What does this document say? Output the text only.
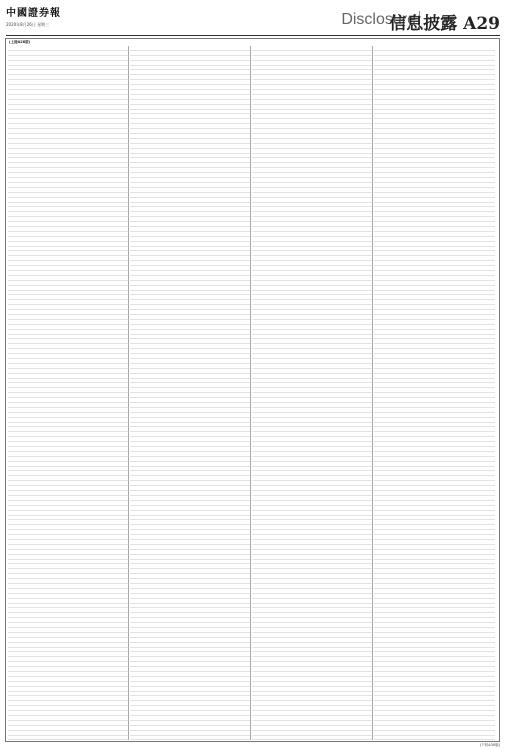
中國證券報
2020年8月26日 星期三	Disclosure
信息披露 A29
(上接A28版)
(下转A30版)
